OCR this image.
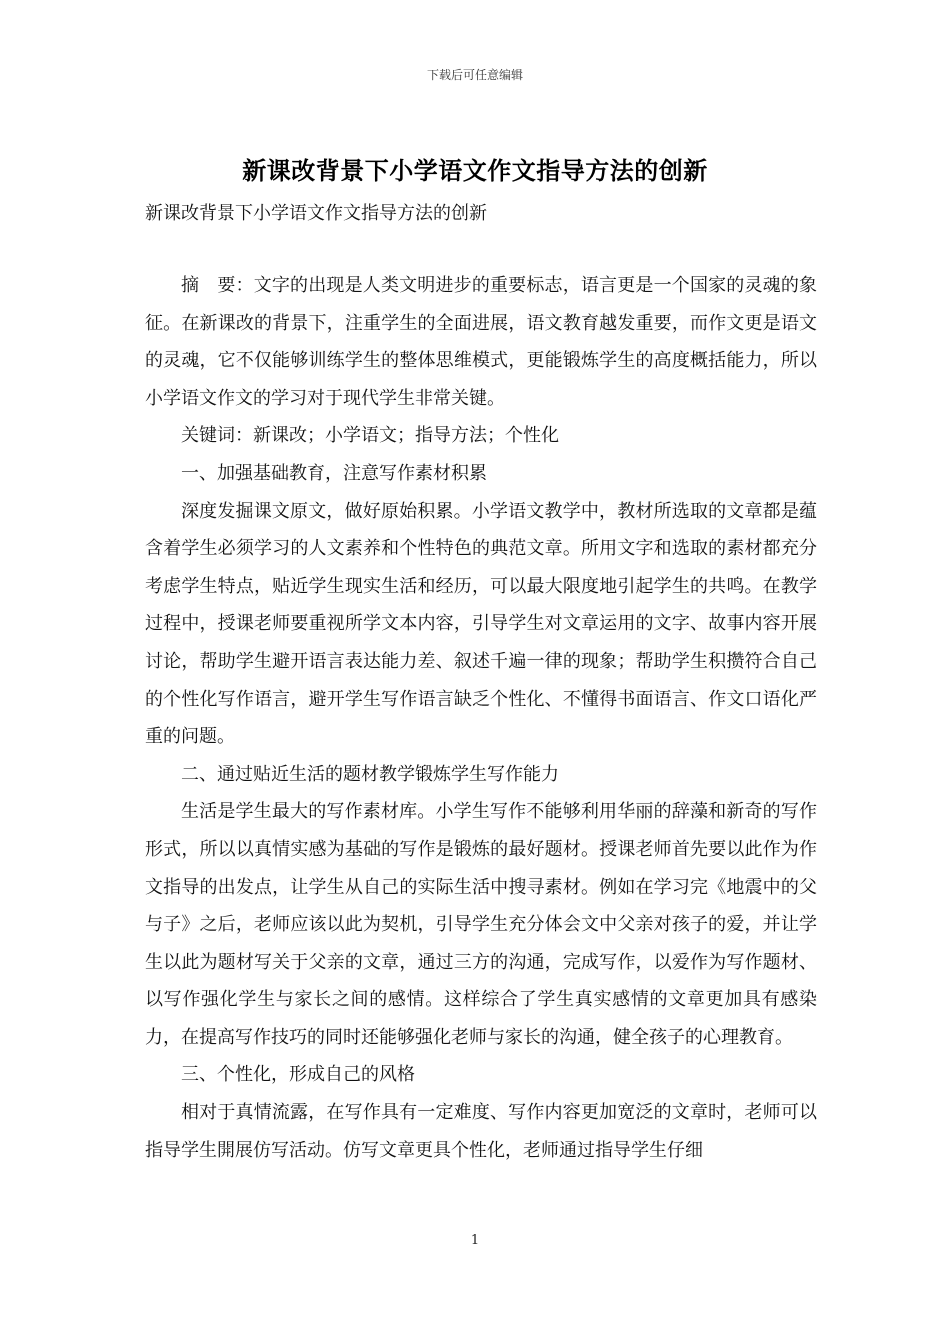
下载后可任意编辑
新课改背景下小学语文作文指导方法的创新
新课改背景下小学语文作文指导方法的创新

摘　要：文字的出现是人类文明进步的重要标志，语言更是一个国家的灵魂的象征。在新课改的背景下，注重学生的全面进展，语文教育越发重要，而作文更是语文的灵魂，它不仅能够训练学生的整体思维模式，更能锻炼学生的高度概括能力，所以小学语文作文的学习对于现代学生非常关键。

关键词：新课改；小学语文；指导方法；个性化

一、加强基础教育，注意写作素材积累

深度发掘课文原文，做好原始积累。小学语文教学中，教材所选取的文章都是蕴含着学生必须学习的人文素养和个性特色的典范文章。所用文字和选取的素材都充分考虑学生特点，贴近学生现实生活和经历，可以最大限度地引起学生的共鸣。在教学过程中，授课老师要重视所学文本内容，引导学生对文章运用的文字、故事内容开展讨论，帮助学生避开语言表达能力差、叙述千遍一律的现象；帮助学生积攒符合自己的个性化写作语言，避开学生写作语言缺乏个性化、不懂得书面语言、作文口语化严重的问题。

二、通过贴近生活的题材教学锻炼学生写作能力

生活是学生最大的写作素材库。小学生写作不能够利用华丽的辞藻和新奇的写作形式，所以以真情实感为基础的写作是锻炼的最好题材。授课老师首先要以此作为作文指导的出发点，让学生从自己的实际生活中搜寻素材。例如在学习完《地震中的父与子》之后，老师应该以此为契机，引导学生充分体会文中父亲对孩子的爱，并让学生以此为题材写关于父亲的文章，通过三方的沟通，完成写作，以爱作为写作题材、以写作强化学生与家长之间的感情。这样综合了学生真实感情的文章更加具有感染力，在提高写作技巧的同时还能够强化老师与家长的沟通，健全孩子的心理教育。

三、个性化，形成自己的风格

相对于真情流露，在写作具有一定难度、写作内容更加宽泛的文章时，老师可以指导学生開展仿写活动。仿写文章更具个性化，老师通过指导学生仔细

1
